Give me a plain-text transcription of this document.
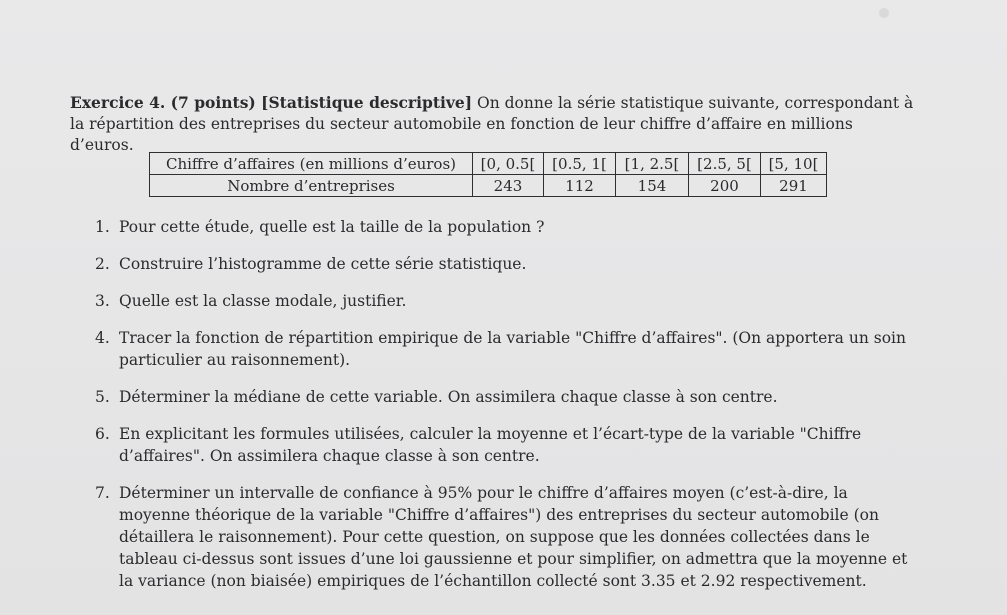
Exercice 4. (7 points) [Statistique descriptive] On donne la série statistique suivante, correspondant à la répartition des entreprises du secteur automobile en fonction de leur chiffre d’affaire en millions d’euros.

Chiffre d’affaires (en millions d’euros)	[0, 0.5[	[0.5, 1[	[1, 2.5[	[2.5, 5[	[5, 10[
Nombre d’entreprises	243	112	154	200	291
1. Pour cette étude, quelle est la taille de la population ?
2. Construire l’histogramme de cette série statistique.
3. Quelle est la classe modale, justifier.
4. Tracer la fonction de répartition empirique de la variable "Chiffre d’affaires". (On apportera un soin particulier au raisonnement).
5. Déterminer la médiane de cette variable. On assimilera chaque classe à son centre.
6. En explicitant les formules utilisées, calculer la moyenne et l’écart-type de la variable "Chiffre d’affaires". On assimilera chaque classe à son centre.
7. Déterminer un intervalle de confiance à 95% pour le chiffre d’affaires moyen (c’est-à-dire, la moyenne théorique de la variable "Chiffre d’affaires") des entreprises du secteur automobile (on détaillera le raisonnement). Pour cette question, on suppose que les données collectées dans le tableau ci-dessus sont issues d’une loi gaussienne et pour simplifier, on admettra que la moyenne et la variance (non biaisée) empiriques de l’échantillon collecté sont 3.35 et 2.92 respectivement.
